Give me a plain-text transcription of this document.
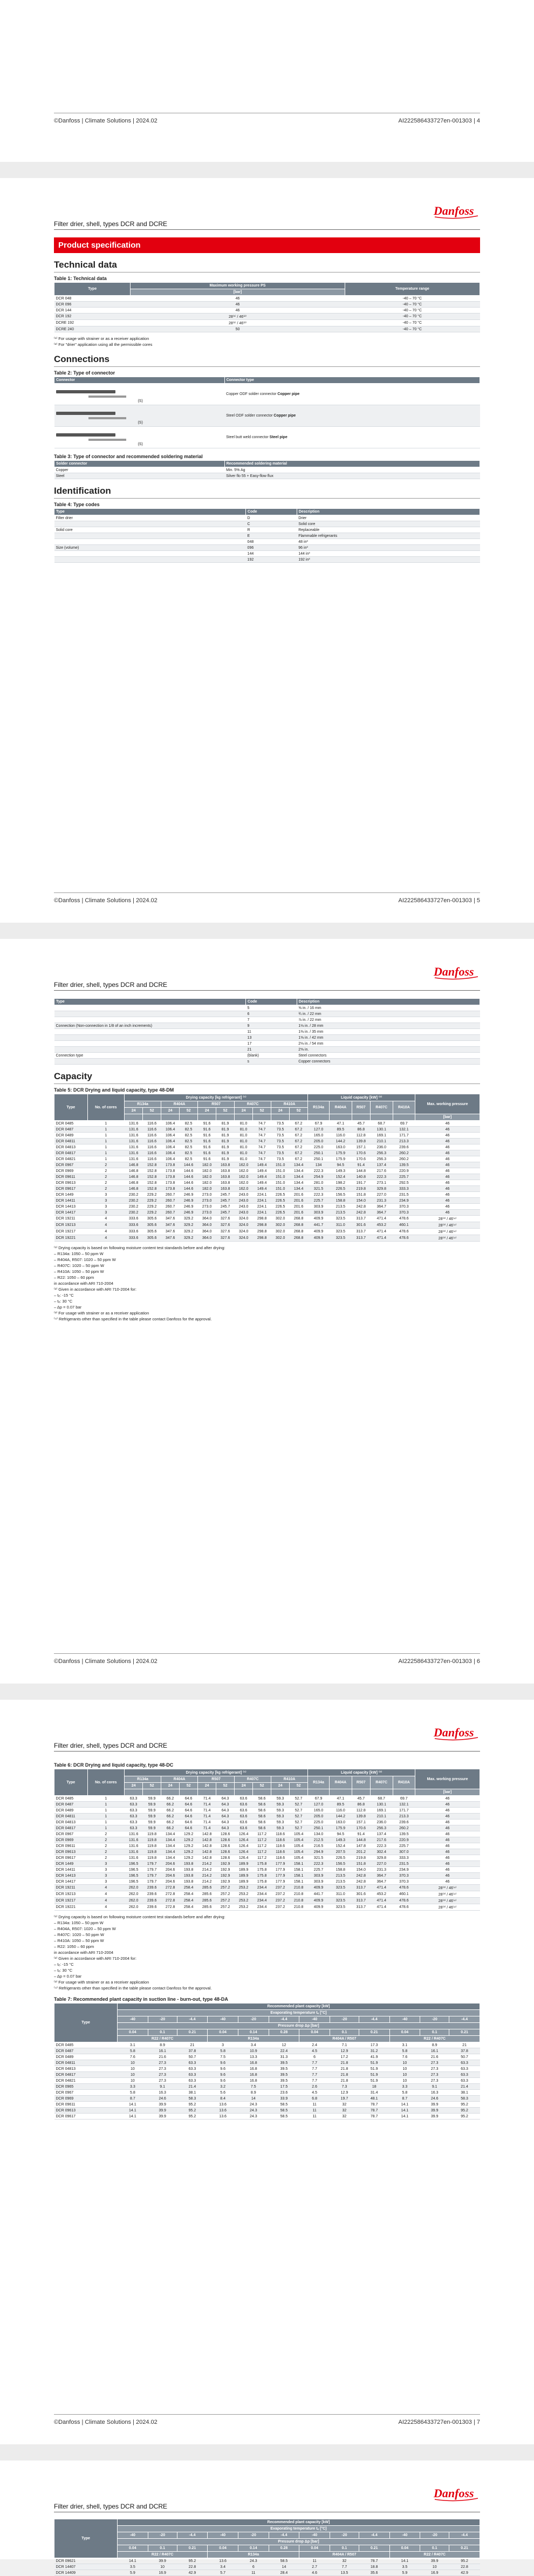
©Danfoss | Climate Solutions | 2024.02	AI222586433727en-001303 | 4
Filter drier, shell, types DCR and DCRE
Danfoss
Product specification
Technical data
Table 1: Technical data
Type	Maximum working pressure PS	Temperature range
	[bar]	
DCR 048	46	-40 – 70 °C
DCR 096	46	-40 – 70 °C
DCR 144	46	-40 – 70 °C
DCR 192	28⁽¹⁾ / 46⁽²⁾	-40 – 70 °C
DCRE 192	28⁽¹⁾ / 46⁽²⁾	-40 – 70 °C
DCRE 240	50	-40 – 70 °C
⁽¹⁾ For usage with strainer or as a receiver application
⁽²⁾ For "drier" application using all the permissible cores
Connections
Table 2: Type of connector
Connector	Connector type

(S)	Copper ODF solder connector Copper pipe

(S)	Steel ODF solder connector Copper pipe

(S)	Steel butt weld connector Steel pipe
Table 3: Type of connector and recommended soldering material
Solder connector	Recommended soldering material
Copper	Min. 5% Ag
Steel	Silver flo 55 + Easy-flow flux
Identification
Table 4: Type codes
Type	Code	Description
Filter drier	D	Drier
	C	Solid core
Solid core	R	Replaceable
	E	Flammable refrigerants
	048	48 in³
Size (volume)	096	96 in³
	144	144 in³
	192	192 in³
©Danfoss | Climate Solutions | 2024.02	AI222586433727en-001303 | 5
Filter drier, shell, types DCR and DCRE
Danfoss
Type	Code	Description
	5	⅝ in. / 16 mm
	6	¾ in. / 22 mm
	7	⅞ in. / 22 mm
Connection (Non-connection in 1/8 of an inch increments)	9	1⅛ in. / 28 mm
	11	1⅜ in. / 35 mm
	13	1⅝ in. / 42 mm
	17	2⅛ in. / 54 mm
	21	2⅝ in.
Connection type	(blank)	Steel connectors
	s	Copper connectors
Capacity
Table 5: DCR Drying and liquid capacity, type 48-DM
Type	No. of cores	Drying capacity [kg refrigerant] ⁽¹⁾										Liquid capacity [kW] ⁽²⁾					Max. working pressure
		R134a		R404A		R507		R407C		R410A		R134a	R404A	R507	R407C	R410A	
		24	52	24	52	24	52	24	52	24	52						
																	[bar]
DCR 0485	1	131.6	116.6	106.4	82.5	91.6	81.9	81.0	74.7	73.5	67.2	67.9	47.1	45.7	68.7	69.7	46
DCR 0487	1	131.6	116.6	106.4	82.5	91.6	81.9	81.0	74.7	73.5	67.2	127.0	89.5	86.8	130.1	132.1	46
DCR 0489	1	131.6	116.6	106.4	82.5	91.6	81.9	81.0	74.7	73.5	67.2	165.0	116.0	112.8	169.1	171.7	46
DCR 04811	1	131.6	116.6	106.4	82.5	91.6	81.9	81.0	74.7	73.5	67.2	205.0	144.2	139.8	210.1	213.3	46
DCR 04813	1	131.6	116.6	106.4	82.5	91.6	81.9	81.0	74.7	73.5	67.2	225.0	163.0	157.1	236.0	239.6	46
DCR 04817	1	131.6	116.6	106.4	82.5	91.6	81.9	81.0	74.7	73.5	67.2	250.1	175.9	170.6	256.3	260.2	46
DCR 04821	1	131.6	116.6	106.4	82.5	91.6	81.9	81.0	74.7	73.5	67.2	250.1	175.9	170.6	256.3	260.2	46
DCR 0967	2	146.8	152.8	173.8	144.6	182.0	163.8	162.0	149.4	151.0	134.4	134	94.5	91.4	137.4	139.5	46
DCR 0969	2	146.8	152.8	173.8	144.6	182.0	163.8	162.0	149.4	151.0	134.4	222.3	149.3	144.8	217.6	220.9	46
DCR 09611	2	146.8	152.8	173.8	144.6	182.0	163.8	162.0	149.4	151.0	134.4	254.9	152.4	140.8	222.3	225.7	46
DCR 09613	2	146.8	152.8	173.8	144.6	182.0	163.8	162.0	149.4	151.0	134.4	281.0	198.2	191.7	273.1	292.5	46
DCR 09617	2	146.8	152.8	173.8	144.6	182.0	163.8	162.0	149.4	151.0	134.4	321.5	226.5	219.8	329.8	333.3	46
DCR 1449	3	230.2	229.2	260.7	246.9	273.0	245.7	243.0	224.1	226.5	201.6	222.3	156.5	151.8	227.0	231.5	46
DCR 14411	3	230.2	229.2	260.7	246.9	273.0	245.7	243.0	224.1	226.5	201.6	225.7	158.8	154.0	231.3	234.9	46
DCR 14413	3	230.2	229.2	260.7	246.9	273.0	245.7	243.0	224.1	226.5	201.6	303.9	213.5	242.8	364.7	370.3	46
DCR 14417	3	230.2	229.2	260.7	246.9	273.0	245.7	243.0	224.1	226.5	201.6	303.9	213.5	242.8	364.7	370.3	46
DCR 19211	4	333.6	305.6	347.6	329.2	364.0	327.6	324.0	298.8	302.0	268.8	409.9	323.5	313.7	471.4	478.6	28⁽³⁾ / 46⁽⁴⁾
DCR 19213	4	333.6	305.6	347.6	329.2	364.0	327.6	324.0	298.8	302.0	268.8	441.7	311.0	301.6	453.2	460.1	28⁽³⁾ / 46⁽⁴⁾
DCR 19217	4	333.6	305.6	347.6	329.2	364.0	327.6	324.0	298.8	302.0	268.8	409.9	323.5	313.7	471.4	478.6	28⁽³⁾ / 46⁽⁴⁾
DCR 19221	4	333.6	305.6	347.6	329.2	364.0	327.6	324.0	298.8	302.0	268.8	409.9	323.5	313.7	471.4	478.6	28⁽³⁾ / 46⁽⁴⁾
⁽¹⁾ Drying capacity is based on following moisture content test standards before and after drying:
– R134a: 1050 – 50 ppm W
– R404A, R507: 1020 – 50 ppm W
– R407C: 1020 – 50 ppm W
– R410A: 1050 – 50 ppm W
– R22: 1050 – 60 ppm
in accordance with ARI 710-2004
⁽²⁾ Given in accordance with ARI 710-2004 for:
– tₑ: -15 °C
– tₒ: 30 °C
– Δp = 0.07 bar
⁽³⁾ For usage with strainer or as a receiver application
⁽⁴⁾ Refrigerants other than specified in the table please contact Danfoss for the approval.
©Danfoss | Climate Solutions | 2024.02	AI222586433727en-001303 | 6
Filter drier, shell, types DCR and DCRE
Danfoss
Table 6: DCR Drying and liquid capacity, type 48-DC
Type	No. of cores	Drying capacity [kg refrigerant] ⁽¹⁾										Liquid capacity [kW] ⁽²⁾					Max. working pressure
		R134a		R404A		R507		R407C		R410A		R134a	R404A	R507	R407C	R410A	
		24	52	24	52	24	52	24	52	24	52						
																	[bar]
DCR 0485	1	63.3	59.9	66.2	64.6	71.4	64.3	63.6	58.6	59.3	52.7	67.9	47.1	45.7	68.7	69.7	46
DCR 0487	1	63.3	59.9	66.2	64.6	71.4	64.3	63.6	58.6	59.3	52.7	127.0	89.5	86.8	130.1	132.1	46
DCR 0489	1	63.3	59.9	66.2	64.6	71.4	64.3	63.6	58.6	59.3	52.7	165.0	116.0	112.8	169.1	171.7	46
DCR 04811	1	63.3	59.9	66.2	64.6	71.4	64.3	63.6	58.6	59.3	52.7	205.0	144.2	139.8	210.1	213.3	46
DCR 04813	1	63.3	59.9	66.2	64.6	71.4	64.3	63.6	58.6	59.3	52.7	225.0	163.0	157.1	236.0	239.6	46
DCR 04817	1	63.3	59.9	66.2	64.6	71.4	64.3	63.6	58.6	59.3	52.7	250.1	175.9	170.6	256.3	260.2	46
DCR 0967	2	131.6	119.8	134.4	129.2	142.8	128.6	126.4	117.2	118.6	105.4	134.0	94.5	91.4	137.4	139.5	46
DCR 0969	2	131.6	119.8	134.4	129.2	142.8	128.6	126.4	117.2	118.6	105.4	212.5	149.3	144.8	217.6	220.9	46
DCR 09611	2	131.6	119.8	134.4	129.2	142.8	128.6	126.4	117.2	118.6	105.4	216.5	152.4	147.8	222.3	225.7	46
DCR 09613	2	131.6	119.8	134.4	129.2	142.8	128.6	126.4	117.2	118.6	105.4	294.9	207.5	201.2	302.4	307.0	46
DCR 09617	2	131.6	119.8	134.4	129.2	142.8	128.6	126.4	117.2	118.6	105.4	321.5	226.5	219.8	329.8	333.3	46
DCR 1449	3	196.5	179.7	204.6	193.8	214.2	192.9	189.9	175.8	177.9	158.1	222.3	156.5	151.8	227.0	231.5	46
DCR 14411	3	196.5	179.7	204.6	193.8	214.2	192.9	189.9	175.8	177.9	158.1	225.7	158.8	154.0	231.3	234.9	46
DCR 14413	3	196.5	179.7	204.6	193.8	214.2	192.9	189.9	175.8	177.9	158.1	303.9	213.5	242.8	364.7	370.3	46
DCR 14417	3	196.5	179.7	204.6	193.8	214.2	192.9	189.9	175.8	177.9	158.1	303.9	213.5	242.8	364.7	370.3	46
DCR 19211	4	262.0	239.6	272.8	258.4	285.6	257.2	253.2	234.4	237.2	210.8	409.9	323.5	313.7	471.4	478.6	28⁽³⁾ / 46⁽⁴⁾
DCR 19213	4	262.0	239.6	272.8	258.4	285.6	257.2	253.2	234.4	237.2	210.8	441.7	311.0	301.6	453.2	460.1	28⁽³⁾ / 46⁽⁴⁾
DCR 19217	4	262.0	239.6	272.8	258.4	285.6	257.2	253.2	234.4	237.2	210.8	409.9	323.5	313.7	471.4	478.6	28⁽³⁾ / 46⁽⁴⁾
DCR 19221	4	262.0	239.6	272.8	258.4	285.6	257.2	253.2	234.4	237.2	210.8	409.9	323.5	313.7	471.4	478.6	28⁽³⁾ / 46⁽⁴⁾
⁽¹⁾ Drying capacity is based on following moisture content test standards before and after drying:
– R134a: 1050 – 50 ppm W
– R404A, R507: 1020 – 50 ppm W
– R407C: 1020 – 50 ppm W
– R410A: 1050 – 50 ppm W
– R22: 1050 – 60 ppm
in accordance with ARI 710-2004
⁽²⁾ Given in accordance with ARI 710-2004 for:
– tₑ: -15 °C
– tₒ: 30 °C
– Δp = 0.07 bar
⁽³⁾ For usage with strainer or as a receiver application
⁽⁴⁾ Refrigerants other than specified in the table please contact Danfoss for the approval.
Table 7: Recommended plant capacity in suction line - burn-out, type 48-DA
Type	Recommended plant capacity [kW]											
	Evaporating temperature tₑ [°C]											
	-40	-20	-4.4	-40	-20	-4.4	-40	-20	-4.4	-40	-20	-4.4
	Pressure drop Δp [bar]											
	0.04	0.1	0.21	0.04	0.14	0.28	0.04	0.1	0.21	0.04	0.1	0.21
	R22 / R407C			R134a			R404A / R507			R22 / R407C		
DCR 0485	3.1	8.9	21	3	3.4	12	2.4	7.1	17.3	3.1	8.9	21
DCR 0487	5.8	16.1	37.8	5.8	10.9	22.4	4.5	12.9	31.2	5.8	16.1	37.8
DCR 0489	7.6	21.6	50.7	7.5	13.3	31.3	6	17.2	41.9	7.6	21.6	50.7
DCR 04811	10	27.3	63.3	9.6	16.8	39.5	7.7	21.8	51.9	10	27.3	63.3
DCR 04813	10	27.3	63.3	9.6	16.8	39.5	7.7	21.8	51.9	10	27.3	63.3
DCR 04817	10	27.3	63.3	9.6	16.8	39.5	7.7	21.8	51.9	10	27.3	63.3
DCR 04821	10	27.3	63.3	9.6	16.8	39.5	7.7	21.8	51.9	10	27.3	63.3
DCR 0965	3.3	9.1	21.4	3.2	7.5	17.5	2.6	7.3	18	3.3	9.1	21.4
DCR 0967	5.8	16.3	38.1	5.6	8.9	23.6	4.5	12.9	31.4	5.8	16.3	38.1
DCR 0969	8.7	24.6	58.3	8.4	14	33.9	6.8	19.7	48.1	8.7	24.6	58.3
DCR 09611	14.1	39.9	95.2	13.6	24.3	58.5	11	32	78.7	14.1	39.9	95.2
DCR 09613	14.1	39.9	95.2	13.6	24.3	58.5	11	32	78.7	14.1	39.9	95.2
DCR 09617	14.1	39.9	95.2	13.6	24.3	58.5	11	32	78.7	14.1	39.9	95.2
©Danfoss | Climate Solutions | 2024.02	AI222586433727en-001303 | 7
Filter drier, shell, types DCR and DCRE
Danfoss
Type	Recommended plant capacity [kW]											
	Evaporating temperature tₑ [°C]											
	-40	-20	-4.4	-40	-20	-4.4	-40	-20	-4.4	-40	-20	-4.4
	Pressure drop Δp [bar]											
	0.04	0.1	0.21	0.04	0.14	0.28	0.04	0.1	0.21	0.04	0.1	0.21
	R22 / R407C			R134a			R404A / R507			R22 / R407C		
DCR 09621	14.1	39.9	95.2	13.6	24.3	58.5	11	32	78.7	14.1	39.9	95.2
DCR 14407	3.5	10	22.8	3.4	6	14	2.7	7.7	18.8	3.5	10	22.8
DCR 14409	5.9	16.9	42.9	5.7	11	28.4	4.6	13.5	35.6	5.9	16.9	42.9
